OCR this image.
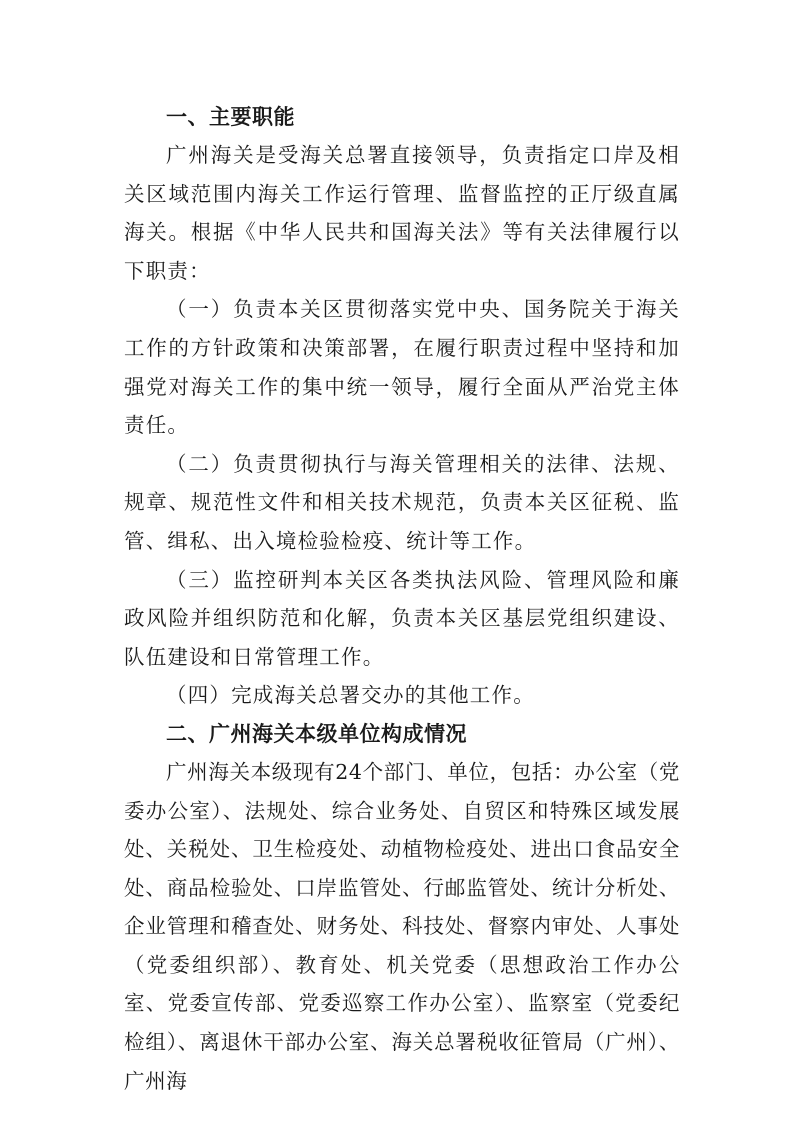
一、主要职能

广州海关是受海关总署直接领导，负责指定口岸及相关区域范围内海关工作运行管理、监督监控的正厅级直属海关。根据《中华人民共和国海关法》等有关法律履行以下职责：

（一）负责本关区贯彻落实党中央、国务院关于海关工作的方针政策和决策部署，在履行职责过程中坚持和加强党对海关工作的集中统一领导，履行全面从严治党主体责任。

（二）负责贯彻执行与海关管理相关的法律、法规、规章、规范性文件和相关技术规范，负责本关区征税、监管、缉私、出入境检验检疫、统计等工作。

（三）监控研判本关区各类执法风险、管理风险和廉政风险并组织防范和化解，负责本关区基层党组织建设、队伍建设和日常管理工作。

（四）完成海关总署交办的其他工作。

二、广州海关本级单位构成情况

广州海关本级现有24个部门、单位，包括：办公室（党委办公室）、法规处、综合业务处、自贸区和特殊区域发展处、关税处、卫生检疫处、动植物检疫处、进出口食品安全处、商品检验处、口岸监管处、行邮监管处、统计分析处、企业管理和稽查处、财务处、科技处、督察内审处、人事处（党委组织部）、教育处、机关党委（思想政治工作办公室、党委宣传部、党委巡察工作办公室）、监察室（党委纪检组）、离退休干部办公室、海关总署税收征管局（广州）、广州海
